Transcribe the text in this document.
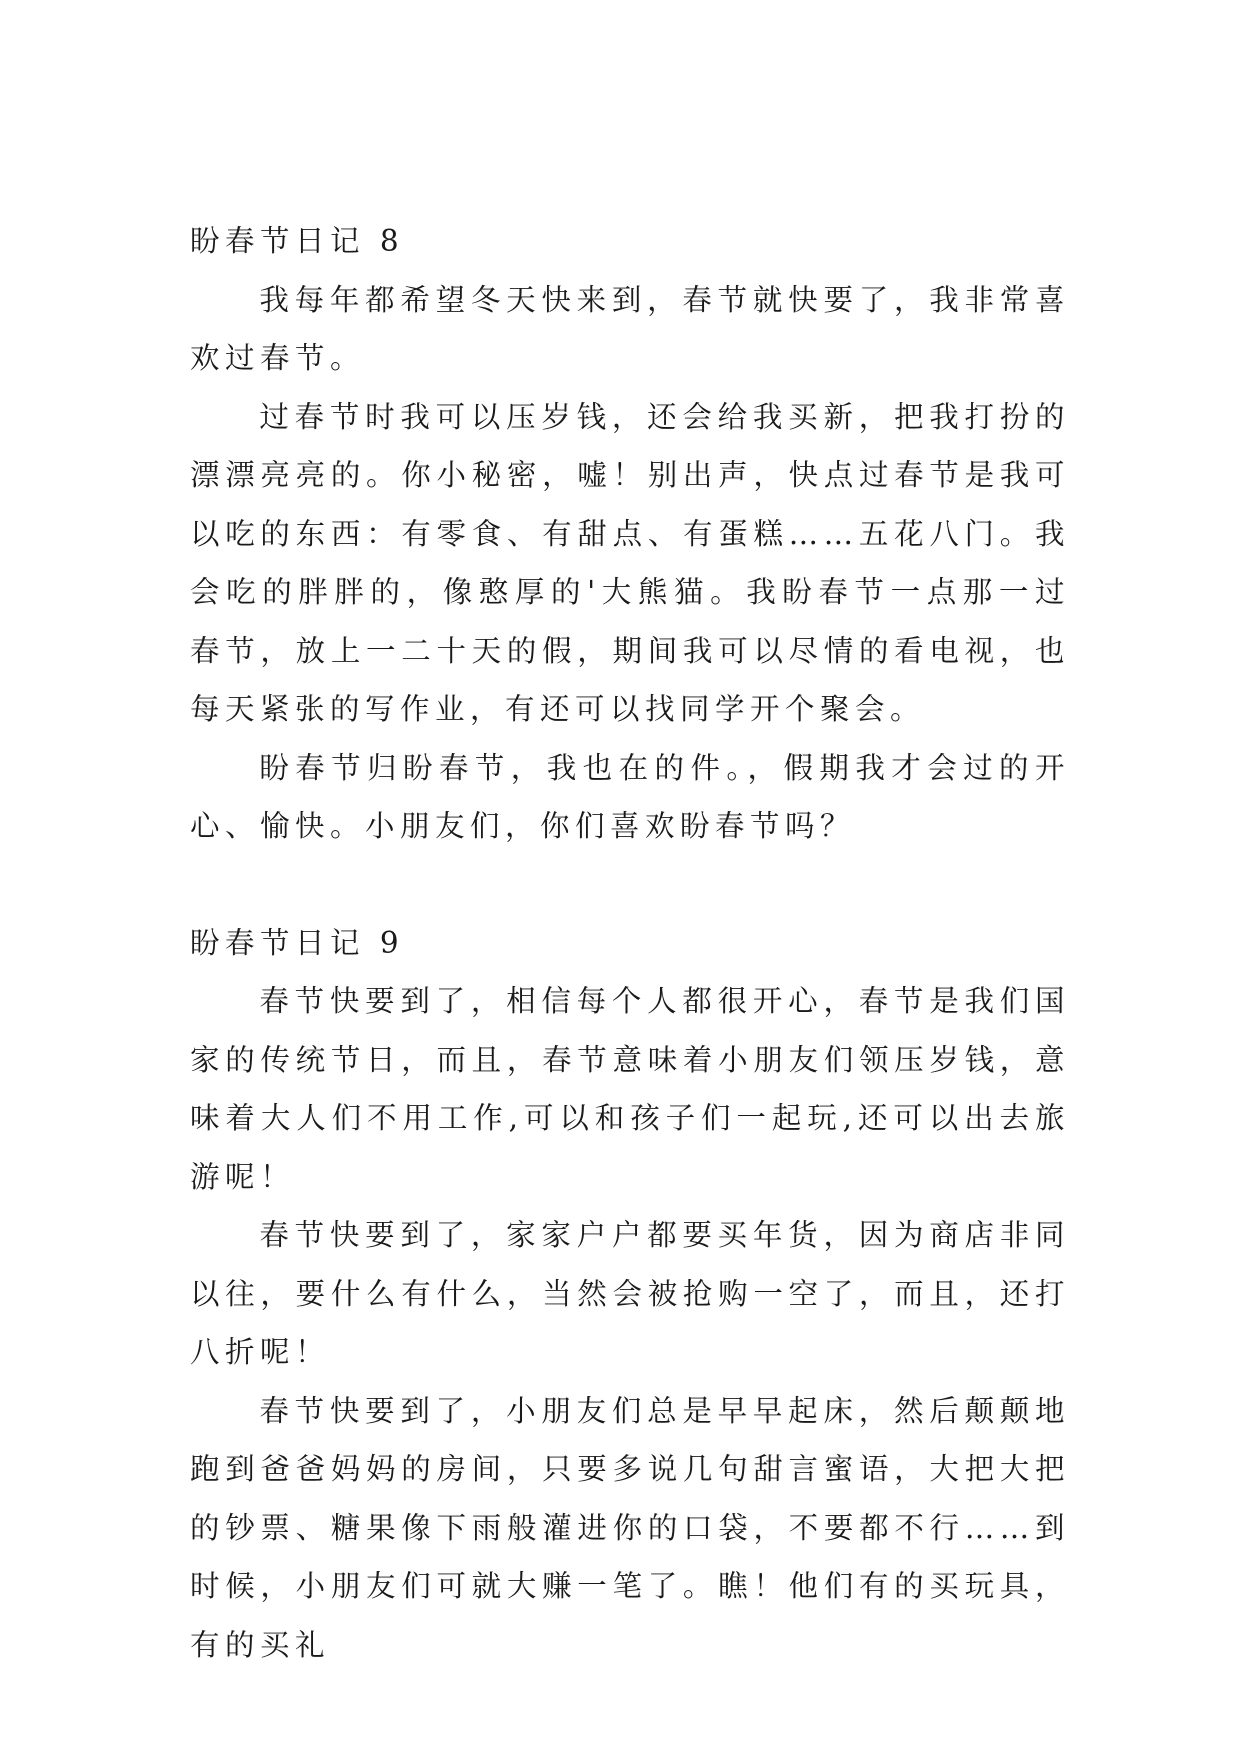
盼春节日记 8

我每年都希望冬天快来到，春节就快要了，我非常喜欢过春节。

过春节时我可以压岁钱，还会给我买新，把我打扮的漂漂亮亮的。你小秘密，嘘！别出声，快点过春节是我可以吃的东西：有零食、有甜点、有蛋糕……五花八门。我会吃的胖胖的，像憨厚的'大熊猫。我盼春节一点那一过春节，放上一二十天的假，期间我可以尽情的看电视，也每天紧张的写作业，有还可以找同学开个聚会。

盼春节归盼春节，我也在的件。，假期我才会过的开心、愉快。小朋友们，你们喜欢盼春节吗？

盼春节日记 9

春节快要到了，相信每个人都很开心，春节是我们国家的传统节日，而且，春节意味着小朋友们领压岁钱，意味着大人们不用工作,可以和孩子们一起玩,还可以出去旅游呢！

春节快要到了，家家户户都要买年货，因为商店非同以往，要什么有什么，当然会被抢购一空了，而且，还打八折呢！

春节快要到了，小朋友们总是早早起床，然后颠颠地跑到爸爸妈妈的房间，只要多说几句甜言蜜语，大把大把的钞票、糖果像下雨般灌进你的口袋，不要都不行……到时候，小朋友们可就大赚一笔了。瞧！他们有的买玩具，有的买礼
